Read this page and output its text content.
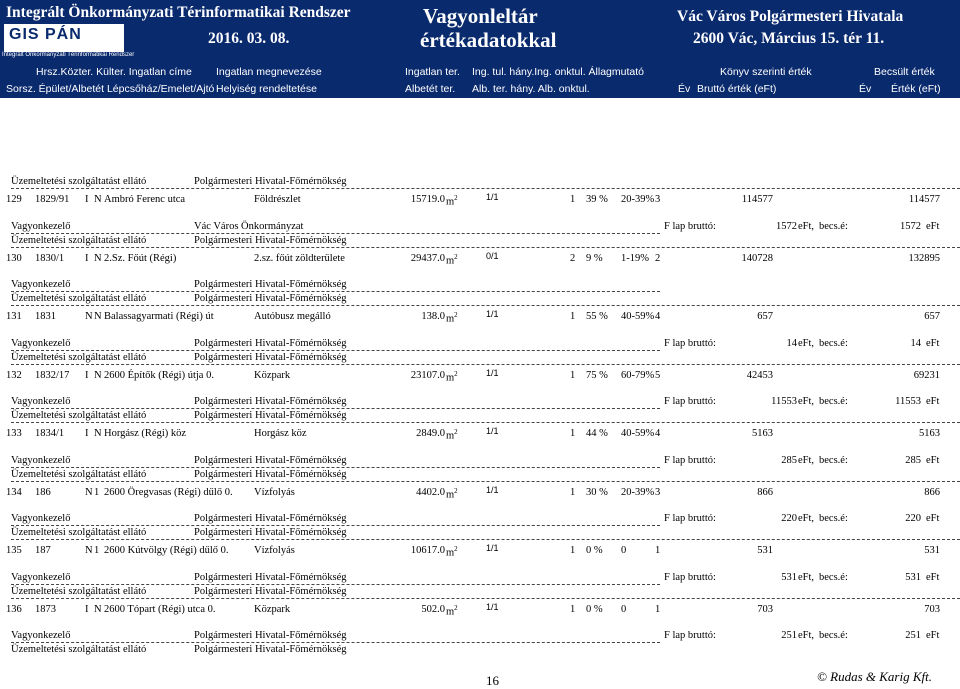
Integrált Önkormányzati Térinformatikai Rendszer
GIS PÁN
Integrált Önkormányzati Térinformatikai Rendszer
2016. 03. 08.
Vagyonleltár
értékadatokkal
Vác Város Polgármesteri Hivatala
2600 Vác, Március 15. tér 11.
Hrsz.Közter. Külter. Ingatlan címe Ingatlan megnevezése	Ingatlan ter. Ing. tul. hány.Ing. onktul. Állagmutató	Könyv szerinti érték	Becsült érték
Sorsz. Épület/Albetét Lépcsőház/Emelet/Ajtó Helyiség rendeltetése	Albetét ter. Alb. ter. hány. Alb. onktul.	Év Bruttó érték (eFt)	Év Érték (eFt)
Üzemeltetési szolgáltatást ellátó	Polgármesteri Hivatal-Főmérnökség
129 1829/91 I N Ambró Ferenc utca	Földrészlet	15719.0 $m^2$	1/1	1 39 % 20-39% 3	114577	114577
Vagyonkezelő	Vác Város Önkormányzat	F lap bruttó:	1572 eFt, becs.é:	1572 eFt
Üzemeltetési szolgáltatást ellátó	Polgármesteri Hivatal-Főmérnökség
130 1830/1 I N 2.Sz. Főút (Régi)	2.sz. főút zöldterülete	29437.0 $m^2$	0/1	2 9 % 1-19% 2	140728	132895
Vagyonkezelő	Polgármesteri Hivatal-Főmérnökség
Üzemeltetési szolgáltatást ellátó	Polgármesteri Hivatal-Főmérnökség
131 1831	N N Balassagyarmati (Régi) út	Autóbusz megálló	138.0 $m^2$	1/1	1 55 % 40-59% 4	657	657
Vagyonkezelő	Polgármesteri Hivatal-Főmérnökség	F lap bruttó:	14 eFt, becs.é:	14 eFt
Üzemeltetési szolgáltatást ellátó	Polgármesteri Hivatal-Főmérnökség
132 1832/17 I N 2600 Építők (Régi) útja 0.	Közpark	23107.0 $m^2$	1/1	1 75 % 60-79% 5	42453	69231
Vagyonkezelő	Polgármesteri Hivatal-Főmérnökség	F lap bruttó:	11553 eFt, becs.é:	11553 eFt
Üzemeltetési szolgáltatást ellátó	Polgármesteri Hivatal-Főmérnökség
133 1834/1 I N Horgász (Régi) köz	Horgász köz	2849.0 $m^2$	1/1	1 44 % 40-59% 4	5163	5163
Vagyonkezelő	Polgármesteri Hivatal-Főmérnökség	F lap bruttó:	285 eFt, becs.é:	285 eFt
Üzemeltetési szolgáltatást ellátó	Polgármesteri Hivatal-Főmérnökség
134 186	N 1 2600 Öregvasas (Régi) dűlő 0. Vízfolyás	4402.0 $m^2$	1/1	1 30 % 20-39% 3	866	866
Vagyonkezelő	Polgármesteri Hivatal-Főmérnökség	F lap bruttó:	220 eFt, becs.é:	220 eFt
Üzemeltetési szolgáltatást ellátó	Polgármesteri Hivatal-Főmérnökség
135 187	N 1 2600 Kútvölgy (Régi) dűlő 0. Vízfolyás	10617.0 $m^2$	1/1	1 0 % 0	1	531	531
Vagyonkezelő	Polgármesteri Hivatal-Főmérnökség	F lap bruttó:	531 eFt, becs.é:	531 eFt
Üzemeltetési szolgáltatást ellátó	Polgármesteri Hivatal-Főmérnökség
136 1873	I N 2600 Tópart (Régi) utca 0.	Közpark	502.0 $m^2$	1/1	1 0 % 0	1	703	703
Vagyonkezelő	Polgármesteri Hivatal-Főmérnökség	F lap bruttó:	251 eFt, becs.é:	251 eFt
Üzemeltetési szolgáltatást ellátó	Polgármesteri Hivatal-Főmérnökség
16	© Rudas & Karig Kft.
